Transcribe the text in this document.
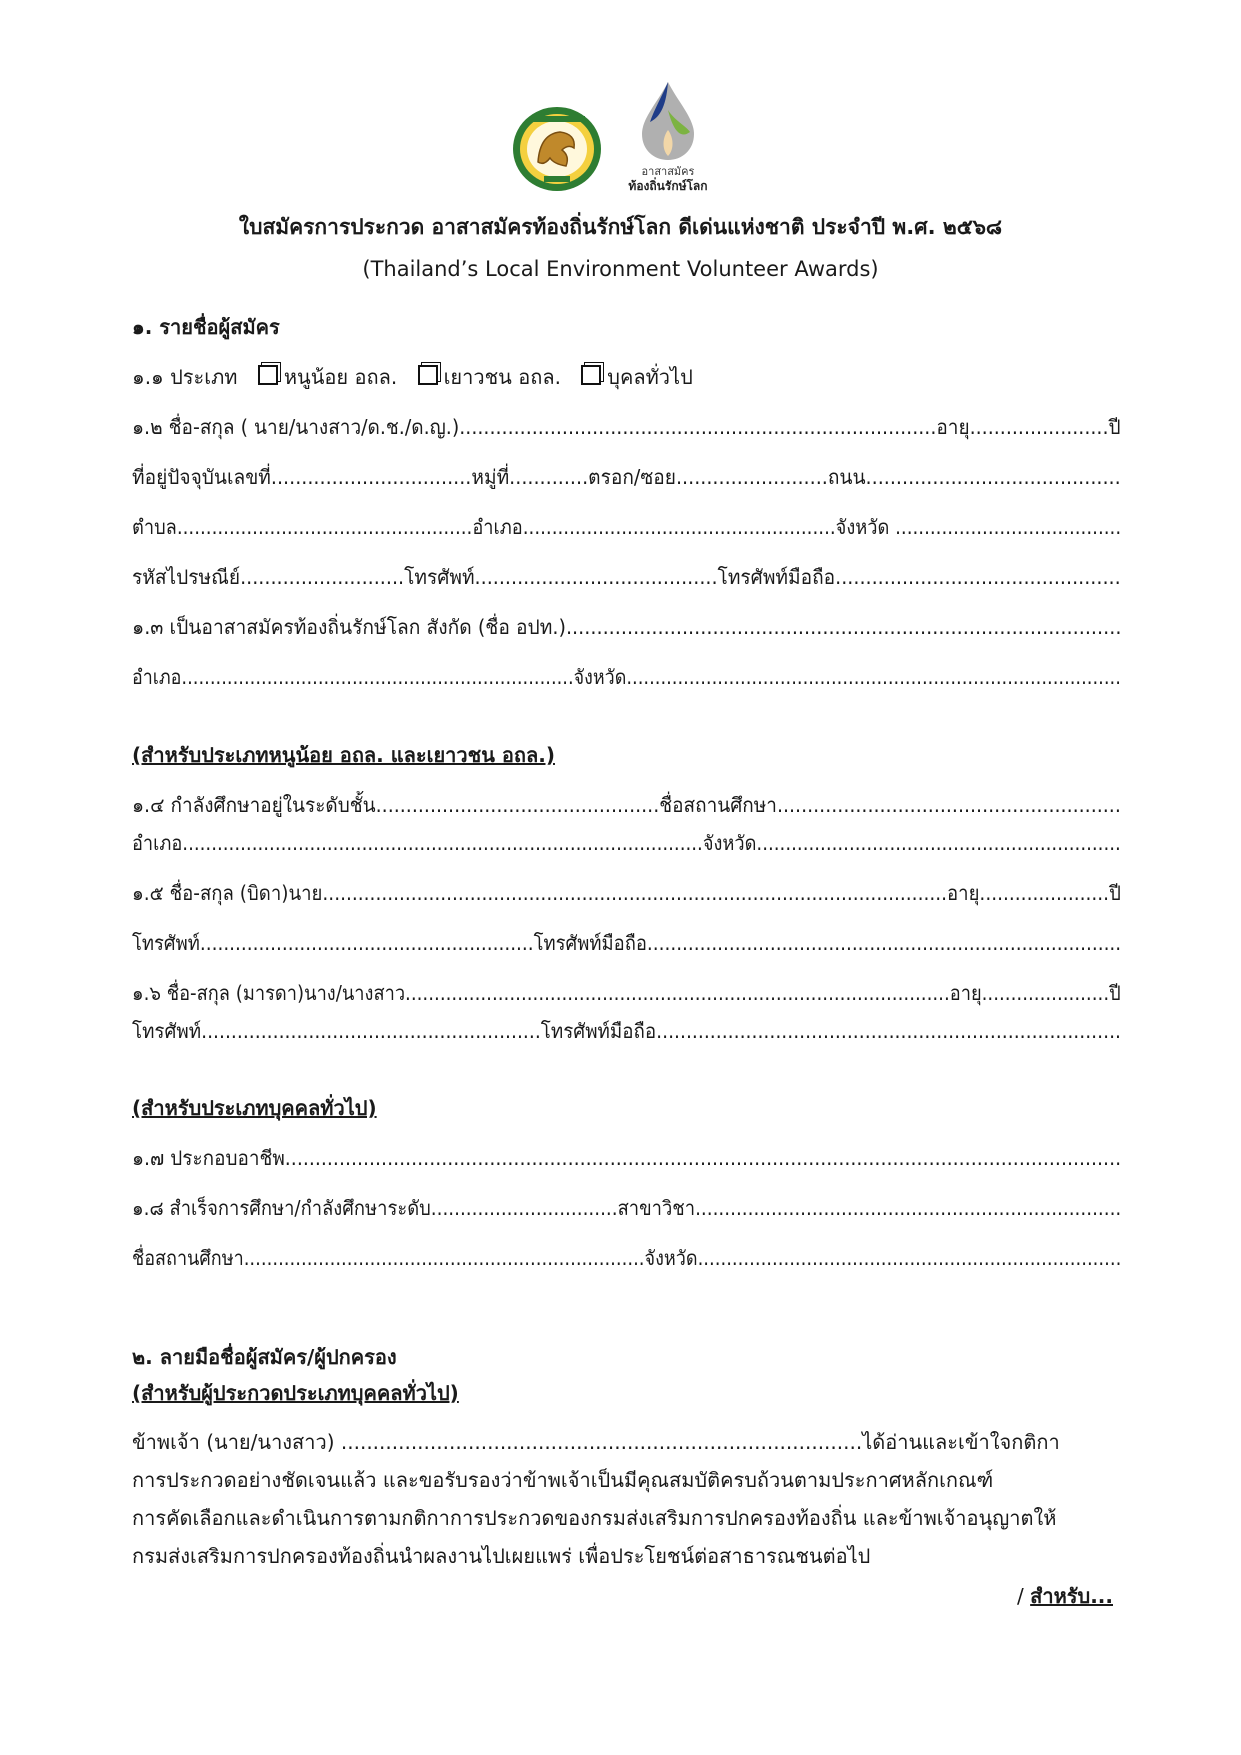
อาสาสมัคร
ท้องถิ่นรักษ์โลก
ใบสมัครการประกวด อาสาสมัครท้องถิ่นรักษ์โลก ดีเด่นแห่งชาติ ประจำปี พ.ศ. ๒๕๖๘
(Thailand’s Local Environment Volunteer Awards)
๑. รายชื่อผู้สมัคร
๑.๑ ประเภท หนูน้อย อถล. เยาวชน อถล. บุคลทั่วไป
๑.๒ ชื่อ-สกุล ( นาย/นางสาว/ด.ช./ด.ญ.)...............................................................................อายุ.......................ปี
ที่อยู่ปัจจุบันเลขที่.................................หมู่ที่.............ตรอก/ซอย.........................ถนน..........................................
ตำบล...................................................อำเภอ......................................................จังหวัด .......................................
รหัสไปรษณีย์...........................โทรศัพท์........................................โทรศัพท์มือถือ...............................................
๑.๓ เป็นอาสาสมัครท้องถิ่นรักษ์โลก สังกัด (ชื่อ อปท.)...........................................................................................
อำเภอ.....................................................................จังหวัด.......................................................................................
(สำหรับประเภทหนูน้อย อถล. และเยาวชน อถล.)
๑.๔ กำลังศึกษาอยู่ในระดับชั้น...............................................ชื่อสถานศึกษา.........................................................
อำเภอ..........................................................................................จังหวัด...............................................................
๑.๕ ชื่อ-สกุล (บิดา)นาย..........................................................................................................อายุ......................ปี
โทรศัพท์.........................................................โทรศัพท์มือถือ.................................................................................
๑.๖ ชื่อ-สกุล (มารดา)นาง/นางสาว..............................................................................................อายุ......................ปี
โทรศัพท์.........................................................โทรศัพท์มือถือ..............................................................................
(สำหรับประเภทบุคคลทั่วไป)
๑.๗ ประกอบอาชีพ...........................................................................................................................................
๑.๘ สำเร็จการศึกษา/กำลังศึกษาระดับ................................สาขาวิชา.........................................................................
ชื่อสถานศึกษา......................................................................จังหวัด..........................................................................
๒. ลายมือชื่อผู้สมัคร/ผู้ปกครอง
(สำหรับผู้ประกวดประเภทบุคคลทั่วไป)
ข้าพเจ้า (นาย/นางสาว) ..................................................................................ได้อ่านและเข้าใจกติกา
การประกวดอย่างชัดเจนแล้ว และขอรับรองว่าข้าพเจ้าเป็นมีคุณสมบัติครบถ้วนตามประกาศหลักเกณฑ์
การคัดเลือกและดำเนินการตามกติกาการประกวดของกรมส่งเสริมการปกครองท้องถิ่น และข้าพเจ้าอนุญาตให้
กรมส่งเสริมการปกครองท้องถิ่นนำผลงานไปเผยแพร่ เพื่อประโยชน์ต่อสาธารณชนต่อไป
/ สำหรับ...
